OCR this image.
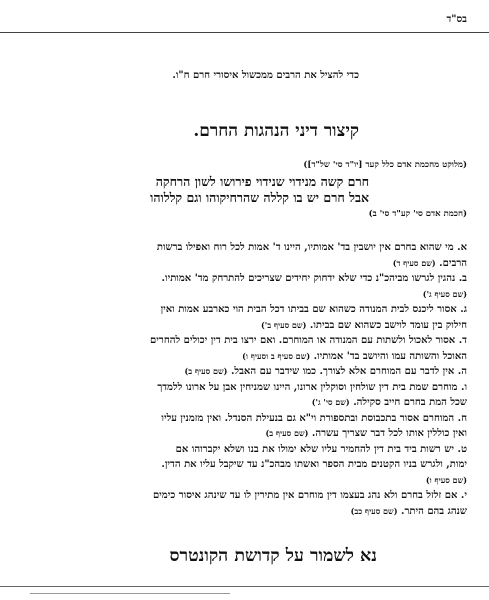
בס"ד
כדי להציל את הרבים ממכשול איסורי חרם ח"ו.
קיצור דיני הנהגות החרם.
(מלוקט מחכמת אדם כלל קעד [יו"ד סי' של"ד])
חרם קשה מנידוי שנידוי פירושו לשון הרחקה
אבל חרם יש בו קללה שהרחיקוהו וגם קללוהו
(חכמת אדם סי' קע"ד סי' ב)
א. מי שהוא בחרם אין יושבין בד' אמותיו, היינו ד' אמות לכל רוח ואפילו ברשות
הרבים. (שם סעיף ד)
ב. נהגין לגרשו מביהכ"נ כדי שלא ידחוק יחידים שצריכים להתרחק מד' אמותיו.
(שם סעיף ג')
ג. אסור ליכנס לבית המנודה כשהוא שם בביתו דכל הבית הוי כארבע אמות ואין
חילוק בין עומד לוישב כשהוא שם בביתו. (שם סעיף ב')
ד. אסור לאכול ולשתות עם המנודה או המוחרם. ואם ירצו בית דין יכולים להחרים
האוכל והשותה עמו והיושב בד' אמותיו. (שם סעיף ב וסעיף ו)
ה. אין לדבר עם המוחרם אלא לצורך. כמו שידבר עם האבל. (שם סעיף ב)
ו. מוחרם שמת בית דין שולחין וסוקלין ארונו, היינו שמניחין אבן על ארונו ללמדך
שכל המת בחרם חייב סקילה. (שם סי' ג')
ח. המוחרם אסור בתכבוסת ובתספורת וי"א גם בנעילת הסנדל. ואין מזמנין עליו
ואין כוללין אותו לכל דבר שצריך עשרה. (שם סעיף ב)
ט. יש רשות ביד בית דין להחמיר עליו שלא ימולו את בנו ושלא יקברוהו אם
ימות, ולגרש בניו הקטנים מבית הספר ואשתו מבהכ"נ עד שיקבל עליו את הדין.
(שם סעיף ו)
י. אם זלזל בחרם ולא נהג בעצמו דין מוחרם אין מתירין לו עד שינהג איסור כימים
שנהג בהם היתר. (שם סעיף כב)
נא לשמור על קדושת הקונטרס
